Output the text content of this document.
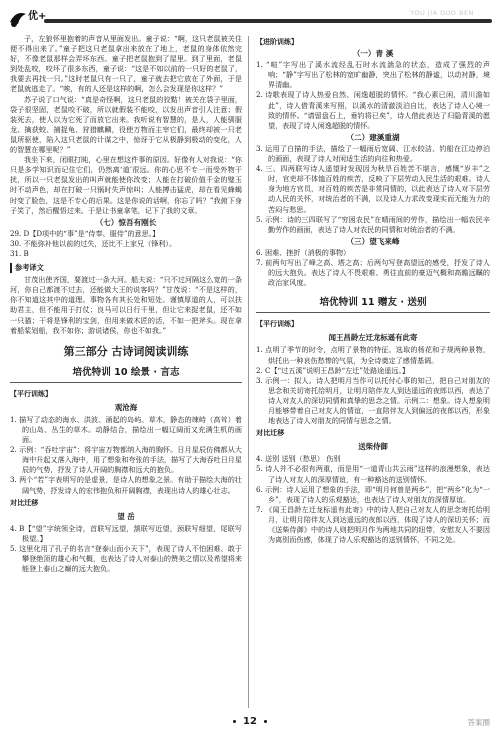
优+	YOU JIA DUO BEN

子，左狼怀里抱着的声音从里面发出。童子说：“啊，这只老鼠被关住便不得出来了。”童子把这只老鼠拿出来放在了地上，老鼠的身体依然完好，不像老鼠那样会弄坏东西。童子把老鼠抱到了屋里。到了里面，老鼠到处乱咬，咬坏了很多东西，童子说：“这是不如以前的一只好的老鼠了，我要去再找一只。”这时老鼠只有一只了，童子就去把它放在了外面，于是老鼠就逃走了。“唉，有的人还是这样的啊，怎么会发现是你这样？”

苏子说了口气说：“真是奇怪啊，这只老鼠的狡黠！被关在袋子里面，袋子很坚固，老鼠咬不破，所以就假装不能咬，以发出声音引人注意；假装死去，使人以为它死了而放它出来。我听说有智慧的，是人，人能驯服龙、擒获蛟、捕捉龟、狩猎麒麟，役使万物而主宰它们，最终却被一只老鼠所驱使，陷入这只老鼠的计谋之中，惊讶于它从极静到极动的变化，人的智慧在哪里呢？”

我坐下来，闭眼打盹，心里在想这件事的原因。好像有人对我说：“你只是多学知识而记住它们，仍然离‘道’很远。你的心思不专一而受外物干扰，所以一只老鼠发出的叫声就能使你改变；人能在打破价值千金的璧玉时不动声色，却在打破一只锅时失声惊叫；人能搏击猛虎，却在看见蜂蝎时变了脸色，这是不专心的后果。这是你说的话啊，你忘了吗？”我俯下身子笑了，然后醒悟过来。于是让书童拿笔，记下了我的文章。

（七）惊吾有刚长

29. D【D项中的“事”是“侍奉、服侍”的意思。】

30. 不能弥补他以前的过失，还比不上家兄（锋利）。

31. B

参考译文

甘茂出使齐国，要渡过一条大河。船夫说：“只不过河隔这么宽的一条河，你自己都渡不过去，还能做大王的说客吗？”甘茂说：“不是这样的，你不知道这其中的道理。事物各有其长处和短处。谨慎厚道的人，可以扶助君主，但不能用于打仗；良马可以日行千里，但让它来捉老鼠，还不如一只猫；干将是锋利的宝剑，但用来做木匠的活，不如一把斧头。现在拿着船桨划船，我不如你；游说诸侯，你也不如我。”

第三部分 古诗词阅读训练
培优特训 10 绘景 · 言志
【平行训练】
观沧海

1. 描写了动态的海水、洪波、涌起的岛屿、草木，静态的竦峙（高耸）着的山岛、丛生的草木。动静结合，描绘出一幅辽阔而又充满生机的画面。

2. 示例：“吞吐宇宙”：将宇宙万物都纳入海的胸怀。日月星辰仿佛都从大海中升起又落入海中，用了想象和夸张的手法，描写了大海吞吐日月星辰的气势，抒发了诗人开阔的胸襟和远大的抱负。

3. 两个“若”字表明写的是虚景，是诗人的想象之景。有助于描绘大海的壮阔气势，抒发诗人的宏伟抱负和开阔胸襟，表现出诗人的雄心壮志。

对比迁移
望 岳

4. B【“望”字统领全诗，首联写远望，颔联写近望，颈联写细望，尾联写极望。】

5. 这里化用了孔子的名言“登泰山而小天下”，表现了诗人不怕困难、敢于攀登绝顶的雄心和气概，也表达了诗人对泰山的赞美之情以及希望将来能登上泰山之巅的远大抱负。

【进阶训练】
（一）青 溪

1. “喧”字写出了溪水流经乱石时水流湍急的状态，造成了强烈的声响；“静”字写出了松林的宽旷幽静，突出了松林的静谧，以动衬静，境界清幽。

2. 诗歌表现了诗人热爱自然、闲逸超脱的情怀。“我心素已闲，清川澹如此”，诗人借青溪来写照，以溪水的清澈淡泊自比，表达了诗人心境一致的情怀。“请留盘石上，垂钓将已矣”，诗人借此表达了归隐青溪的愿望，表现了诗人闲逸超脱的情怀。

（二）建溪重湖

3. 运用了白描的手法，描绘了一幅雨后宽阔、江水皎洁、钓船在江边停泊的画面，表现了诗人对闲适生活的向往和热爱。

4. 三、四两联写诗人遥望时发现因为秋旱百姓苦不堪言，感慨“岁丰”之时，官吏却不体恤百姓的疾苦，反映了下层劳动人民生活的艰难。诗人身为地方官员，对百姓的疾苦是非常同情的，以此表达了诗人对下层劳动人民的关怀，对统治者的不满，以及诗人力求改变现实而无能为力的苦闷与愁思。

5. 示例：诗的三四联写了“穷困农民”在晴雨间的劳作，描绘出一幅农民辛勤劳作的画面，表达了诗人对农民的同情和对统治者的不满。

（三）望飞来峰

6. 困难、挫折（消极的事物）

7. 前两句写出了峰之高、塔之高；后两句写登高望远的感受，抒发了诗人的远大抱负。表达了诗人不畏艰难、勇往直前的豪迈气概和高瞻远瞩的政治家风度。

培优特训 11 赠友 · 送别
【平行训练】
闻王昌龄左迁龙标遥有此寄

1. 点明了季节的时令，点明了景物的特征。选取的杨花和子规两种景物，烘托出一种哀伤愁惨的气氛，为全诗奠定了感情基调。

2. C【“过五溪”说明王昌龄“左迁”处路途遥远。】

3. 示例一：拟人。诗人把明月当作可以托付心事的知己，把自己对朋友的思念和关切寄托给明月，让明月陪伴友人到达遥远的夜郎以西，表达了诗人对友人的深切同情和真挚的思念之情。示例二：想象。诗人想象明月能够带着自己对友人的情谊，一直陪伴友人到偏远的夜郎以西，形象地表达了诗人对朋友的同情与思念之情。

对比迁移
送柴侍御

4. 送别 送别（愁思） 伤别

5. 诗人并不必很有两重，而是用“一道青山共云雨”这样的浪漫想象，表达了诗人对友人的深厚情谊，有一种豁达的送别情怀。

6. 示例：诗人运用了想象的手法，即“明月何曾是两乡”，把“两乡”化为“一乡”，表现了诗人的乐观豁达，也表达了诗人对朋友的深情厚谊。

7. 《闻王昌龄左迁龙标遥有此寄》中的诗人把自己对友人的思念寄托给明月，让明月陪伴友人到达遥远的夜郎以西，体现了诗人的深切关怀；而《送柴侍御》中的诗人则把明月作为两地共同的纽带，安慰友人不要因为离别而伤感，体现了诗人乐观豁达的送别情怀，不同之处。

12	答案圈
